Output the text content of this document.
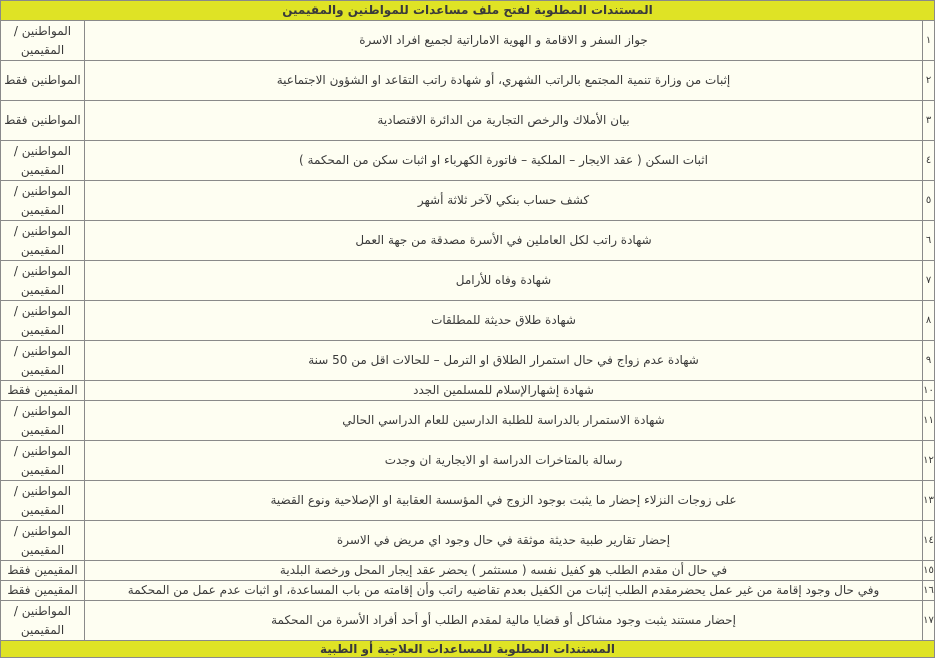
المستندات المطلوبة لفتح ملف مساعدات للمواطنين والمقيمين		
١	جواز السفر و الاقامة و الهوية الاماراتية لجميع افراد الاسرة	المواطنين / المقيمين
٢	إثبات من وزارة تنمية المجتمع بالراتب الشهري، أو شهادة راتب التقاعد او الشؤون الاجتماعية	المواطنين فقط
٣	بيان الأملاك والرخص التجارية من الدائرة الاقتصادية	المواطنين فقط
٤	اثبات السكن ( عقد الايجار – الملكية – فاتورة الكهرباء او اثبات سكن من المحكمة )	المواطنين / المقيمين
٥	كشف حساب بنكي لآخر ثلاثة أشهر	المواطنين / المقيمين
٦	شهادة راتب لكل العاملين في الأسرة مصدقة من جهة العمل	المواطنين / المقيمين
٧	شهادة وفاه للأرامل	المواطنين / المقيمين
٨	شهادة طلاق حديثة للمطلقات	المواطنين / المقيمين
٩	شهادة عدم زواج في حال استمرار الطلاق او الترمل – للحالات اقل من 50 سنة	المواطنين / المقيمين
١٠	شهادة إشهارالإسلام للمسلمين الجدد	المقيمين فقط
١١	شهادة الاستمرار بالدراسة للطلبة الدارسين للعام الدراسي الحالي	المواطنين / المقيمين
١٢	رسالة بالمتاخرات الدراسة او الايجارية ان وجدت	المواطنين / المقيمين
١٣	على زوجات النزلاء إحضار ما يثبت بوجود الزوج في المؤسسة العقابية او الإصلاحية ونوع القضية	المواطنين / المقيمين
١٤	إحضار تقارير طبية حديثة موثقة في حال وجود اي مريض في الاسرة	المواطنين / المقيمين
١٥	في حال أن مقدم الطلب هو كفيل نفسه ( مستثمر ) يحضر عقد إيجار المحل ورخصة البلدية	المقيمين فقط
١٦	وفي حال وجود إقامة من غير عمل يحضرمقدم الطلب إثبات من الكفيل بعدم تقاضيه راتب وأن إقامته من باب المساعدة، او اثبات عدم عمل من المحكمة	المقيمين فقط
١٧	إحضار مستند يثبت وجود مشاكل أو قضايا مالية لمقدم الطلب أو أحد أفراد الأسرة من المحكمة	المواطنين / المقيمين
المستندات المطلوبة للمساعدات العلاجية أو الطبية		
